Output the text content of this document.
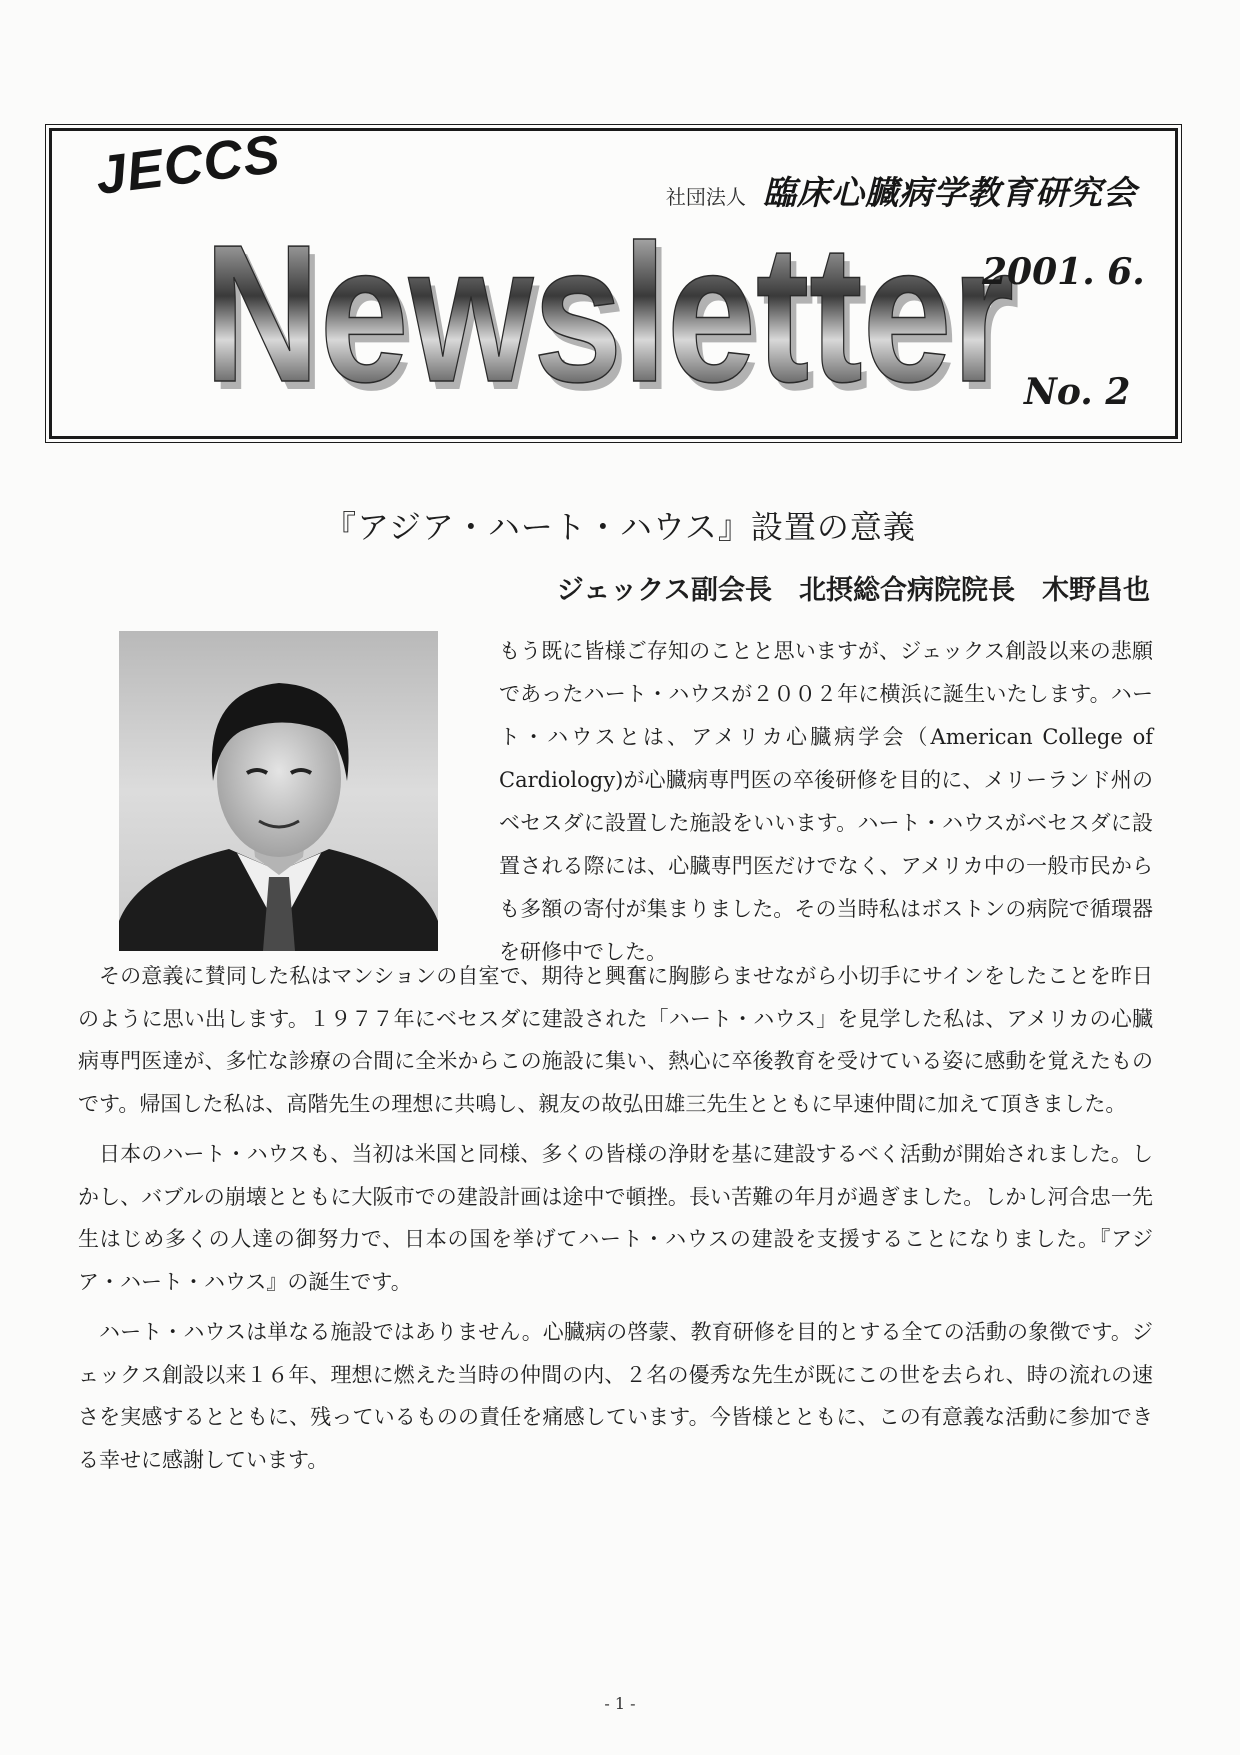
JECCS	社団法人 臨床心臓病学教育研究会
Newsletter
Newsletter
2001. 6.
No. 2
『アジア・ハート・ハウス』設置の意義

ジェックス副会長　北摂総合病院院長　木野昌也

もう既に皆様ご存知のことと思いますが、ジェックス創設以来の悲願であったハート・ハウスが２００２年に横浜に誕生いたします。ハート・ハウスとは、アメリカ心臓病学会（American College of Cardiology)が心臓病専門医の卒後研修を目的に、メリーランド州のベセスダに設置した施設をいいます。ハート・ハウスがベセスダに設置される際には、心臓専門医だけでなく、アメリカ中の一般市民からも多額の寄付が集まりました。その当時私はボストンの病院で循環器を研修中でした。

その意義に賛同した私はマンションの自室で、期待と興奮に胸膨らませながら小切手にサインをしたことを昨日のように思い出します。１９７７年にベセスダに建設された「ハート・ハウス」を見学した私は、アメリカの心臓病専門医達が、多忙な診療の合間に全米からこの施設に集い、熱心に卒後教育を受けている姿に感動を覚えたものです。帰国した私は、高階先生の理想に共鳴し、親友の故弘田雄三先生とともに早速仲間に加えて頂きました。

日本のハート・ハウスも、当初は米国と同様、多くの皆様の浄財を基に建設するべく活動が開始されました。しかし、バブルの崩壊とともに大阪市での建設計画は途中で頓挫。長い苦難の年月が過ぎました。しかし河合忠一先生はじめ多くの人達の御努力で、日本の国を挙げてハート・ハウスの建設を支援することになりました。『アジア・ハート・ハウス』の誕生です。

ハート・ハウスは単なる施設ではありません。心臓病の啓蒙、教育研修を目的とする全ての活動の象徴です。ジェックス創設以来１６年、理想に燃えた当時の仲間の内、２名の優秀な先生が既にこの世を去られ、時の流れの速さを実感するとともに、残っているものの責任を痛感しています。今皆様とともに、この有意義な活動に参加できる幸せに感謝しています。

- 1 -
